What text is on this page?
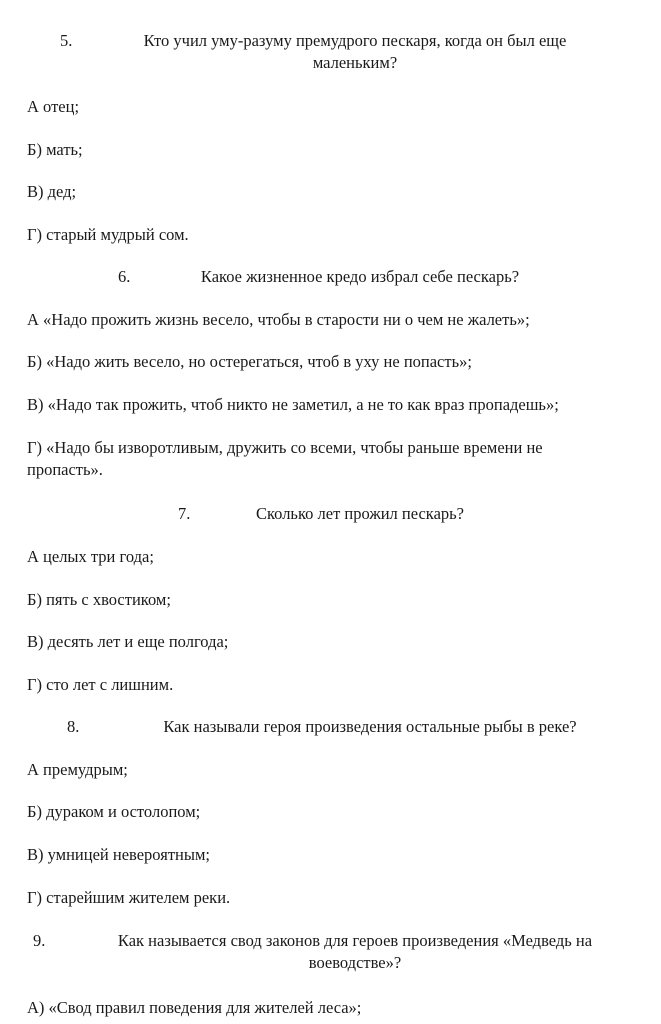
5.	Кто учил уму-разуму премудрого пескаря, когда он был еще маленьким?
А отец;
Б) мать;
В) дед;
Г) старый мудрый сом.
6.	Какое жизненное кредо избрал себе пескарь?
А «Надо прожить жизнь весело, чтобы в старости ни о чем не жалеть»;
Б) «Надо жить весело, но остерегаться, чтоб в уху не попасть»;
В) «Надо так прожить, чтоб никто не заметил, а не то как враз пропадешь»;
Г) «Надо бы изворотливым, дружить со всеми, чтобы раньше времени не пропасть».
7.	Сколько лет прожил пескарь?
А целых три года;
Б) пять с хвостиком;
В) десять лет и еще полгода;
Г) сто лет с лишним.
8.	Как называли героя произведения остальные рыбы в реке?
А премудрым;
Б) дураком и остолопом;
В) умницей невероятным;
Г) старейшим жителем реки.
9.	Как называется свод законов для героев произведения «Медведь на воеводстве»?
А) «Свод правил поведения для жителей леса»;
